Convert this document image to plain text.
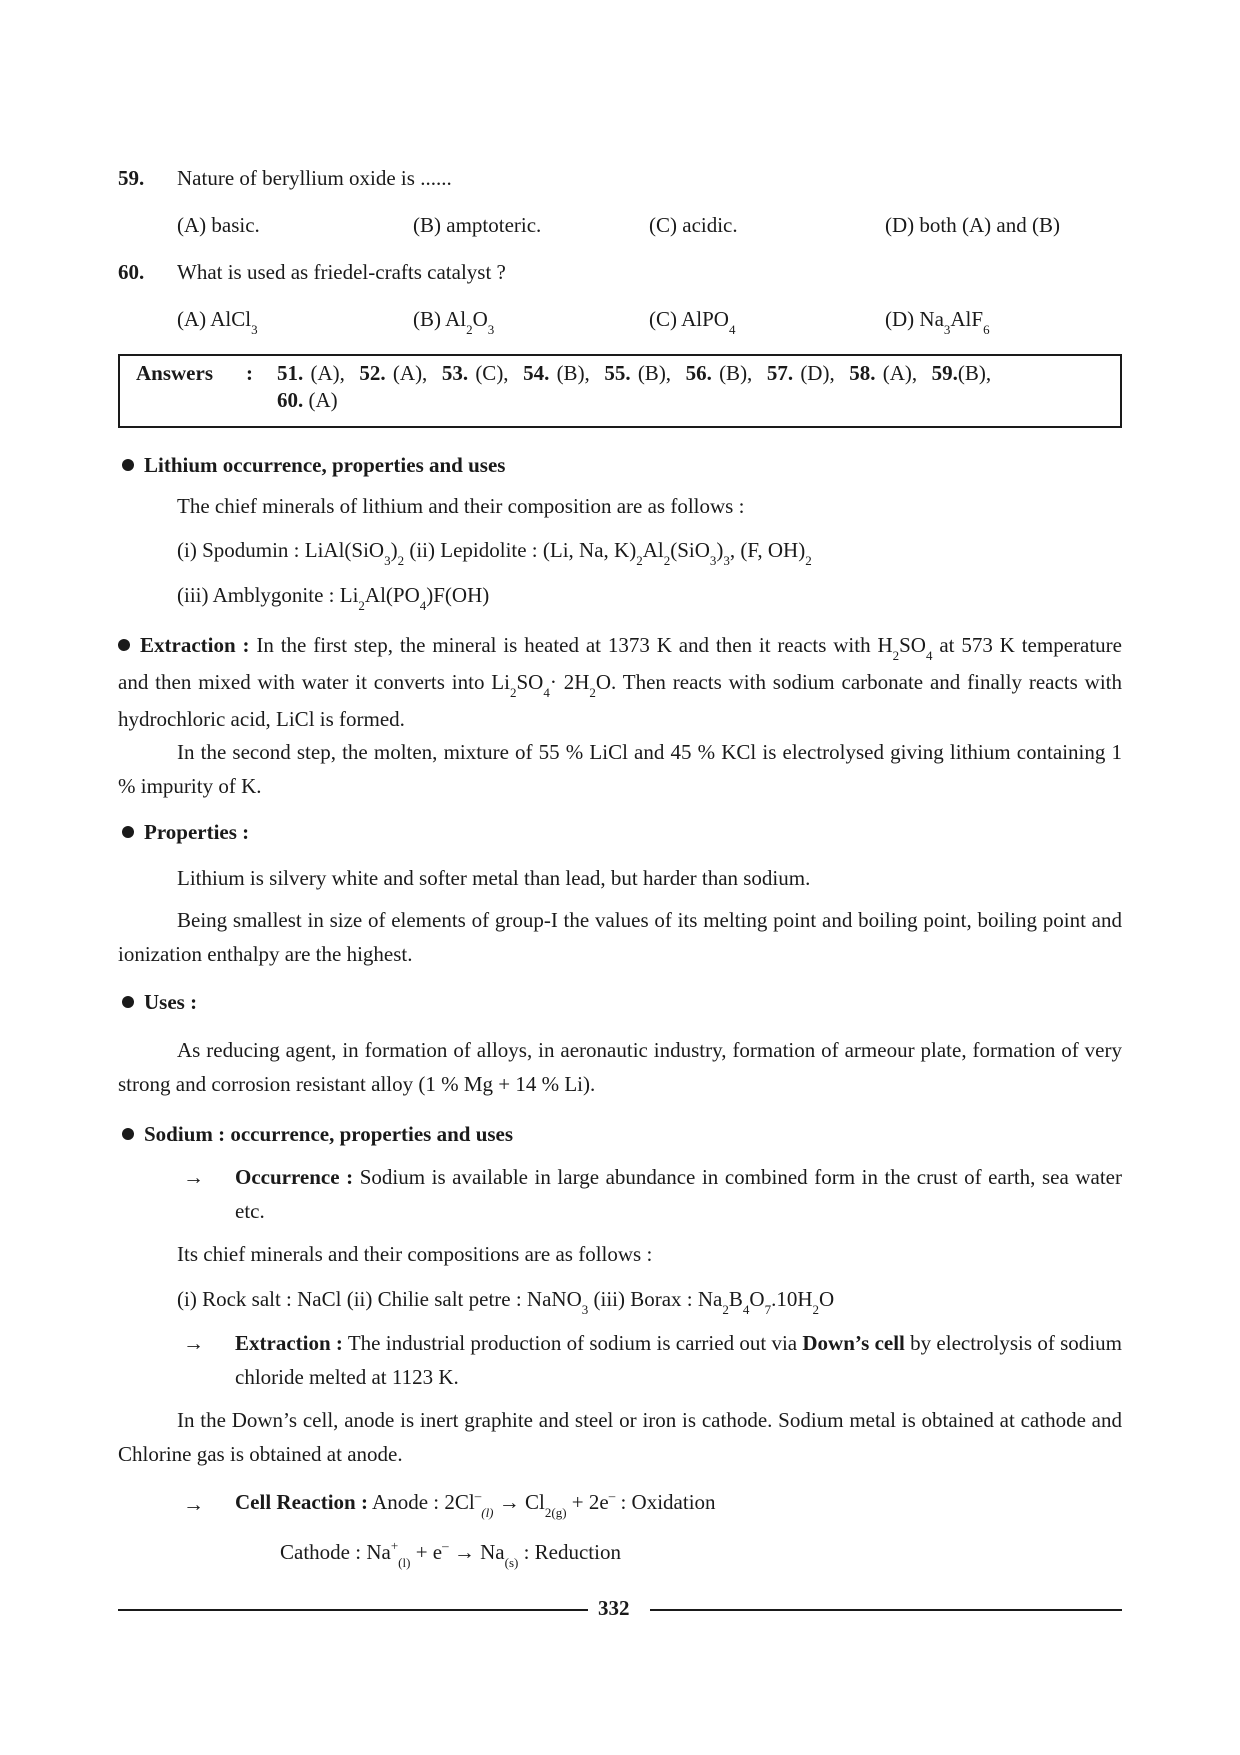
59. Nature of beryllium oxide is ......
(A) basic.	(B) amptoteric.	(C) acidic.	(D) both (A) and (B)
60. What is used as friedel-crafts catalyst ?
(A) AlCl$_3$	(B) $Al_2O_3$	(C) AlPO$_4$	(D) $Na_3AlF_6$
Answers : 51. (A), 52. (A), 53. (C), 54. (B), 55. (B), 56. (B), 57. (D), 58. (A), 59.(B),
60. (A)
Lithium occurrence, properties and uses
The chief minerals of lithium and their composition are as follows :
(i) Spodumin : $LiAl(SiO_3)_2$ (ii) Lepidolite : (Li, Na, $K)_2Al_2(SiO_3)_3$, (F, $OH)_2$
(iii) Amblygonite : $Li_2Al(PO_4)F(OH)$
Extraction : In the first step, the mineral is heated at 1373 K and then it reacts with $H_2SO_4$ at 573 K temperature and then mixed with water it converts into $Li_2SO_4\cdot 2H_2O$. Then reacts with sodium carbonate and finally reacts with hydrochloric acid, LiCl is formed.
In the second step, the molten, mixture of 55 % LiCl and 45 % KCl is electrolysed giving lithium containing 1 % impurity of K.
Properties :
Lithium is silvery white and softer metal than lead, but harder than sodium.
Being smallest in size of elements of group-I the values of its melting point and boiling point, boiling point and ionization enthalpy are the highest.
Uses :
As reducing agent, in formation of alloys, in aeronautic industry, formation of armeour plate, formation of very strong and corrosion resistant alloy (1 % Mg + 14 % Li).
Sodium : occurrence, properties and uses
→ Occurrence : Sodium is available in large abundance in combined form in the crust of earth, sea water etc.
Its chief minerals and their compositions are as follows :
(i) Rock salt : NaCl (ii) Chilie salt petre : NaNO$_3$ (iii) Borax : $Na_2B_4O_7.10H_2O$
→ Extraction : The industrial production of sodium is carried out via Down’s cell by electrolysis of sodium chloride melted at 1123 K.
In the Down’s cell, anode is inert graphite and steel or iron is cathode. Sodium metal is obtained at cathode and Chlorine gas is obtained at anode.
→ Cell Reaction : Anode : $2Cl^-_{(l)} \to Cl_{2(g)} + 2e^-$ : Oxidation
Cathode : $Na^+_{(l)} + e^- \to Na_{(s)}$ : Reduction
332
